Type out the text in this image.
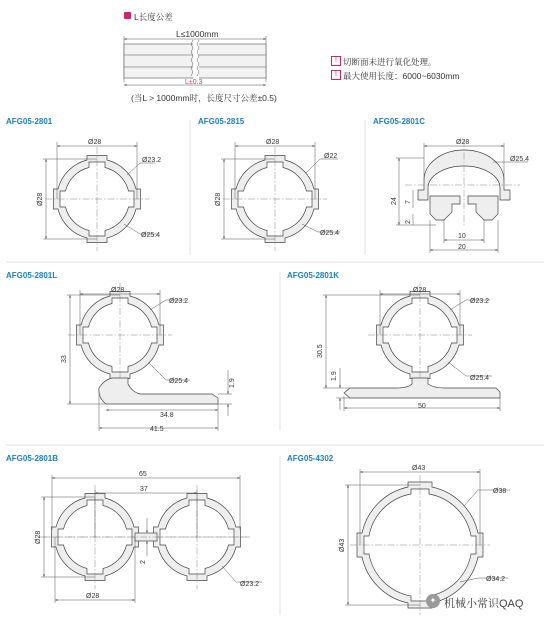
L长度公差
L≤1000mm
(当L > 1000mm时，长度尺寸公差±0.5)
! 切断面未进行氧化处理。
! 最大使用长度：6000~6030mm
AFG05-2801	AFG05-2815	AFG05-2801C
AFG05-2801L	AFG05-2801K
AFG05-2801B	AFG05-4302
L±0.3
Ø28
Ø28
Ø23.2
Ø25.4
Ø28
Ø28
Ø22
Ø25.4
Ø28
Ø25.4
24 7
2
10
20
Ø28
Ø23.2
33
Ø25.4	1.9
34.8
41.5
Ø28
Ø23.2
30.5
1.9	Ø25.4
50
65
37
Ø28
2
Ø28
Ø23.2
Ø43
Ø38
Ø43
Ø34.2
✦ 机械小常识QAQ
